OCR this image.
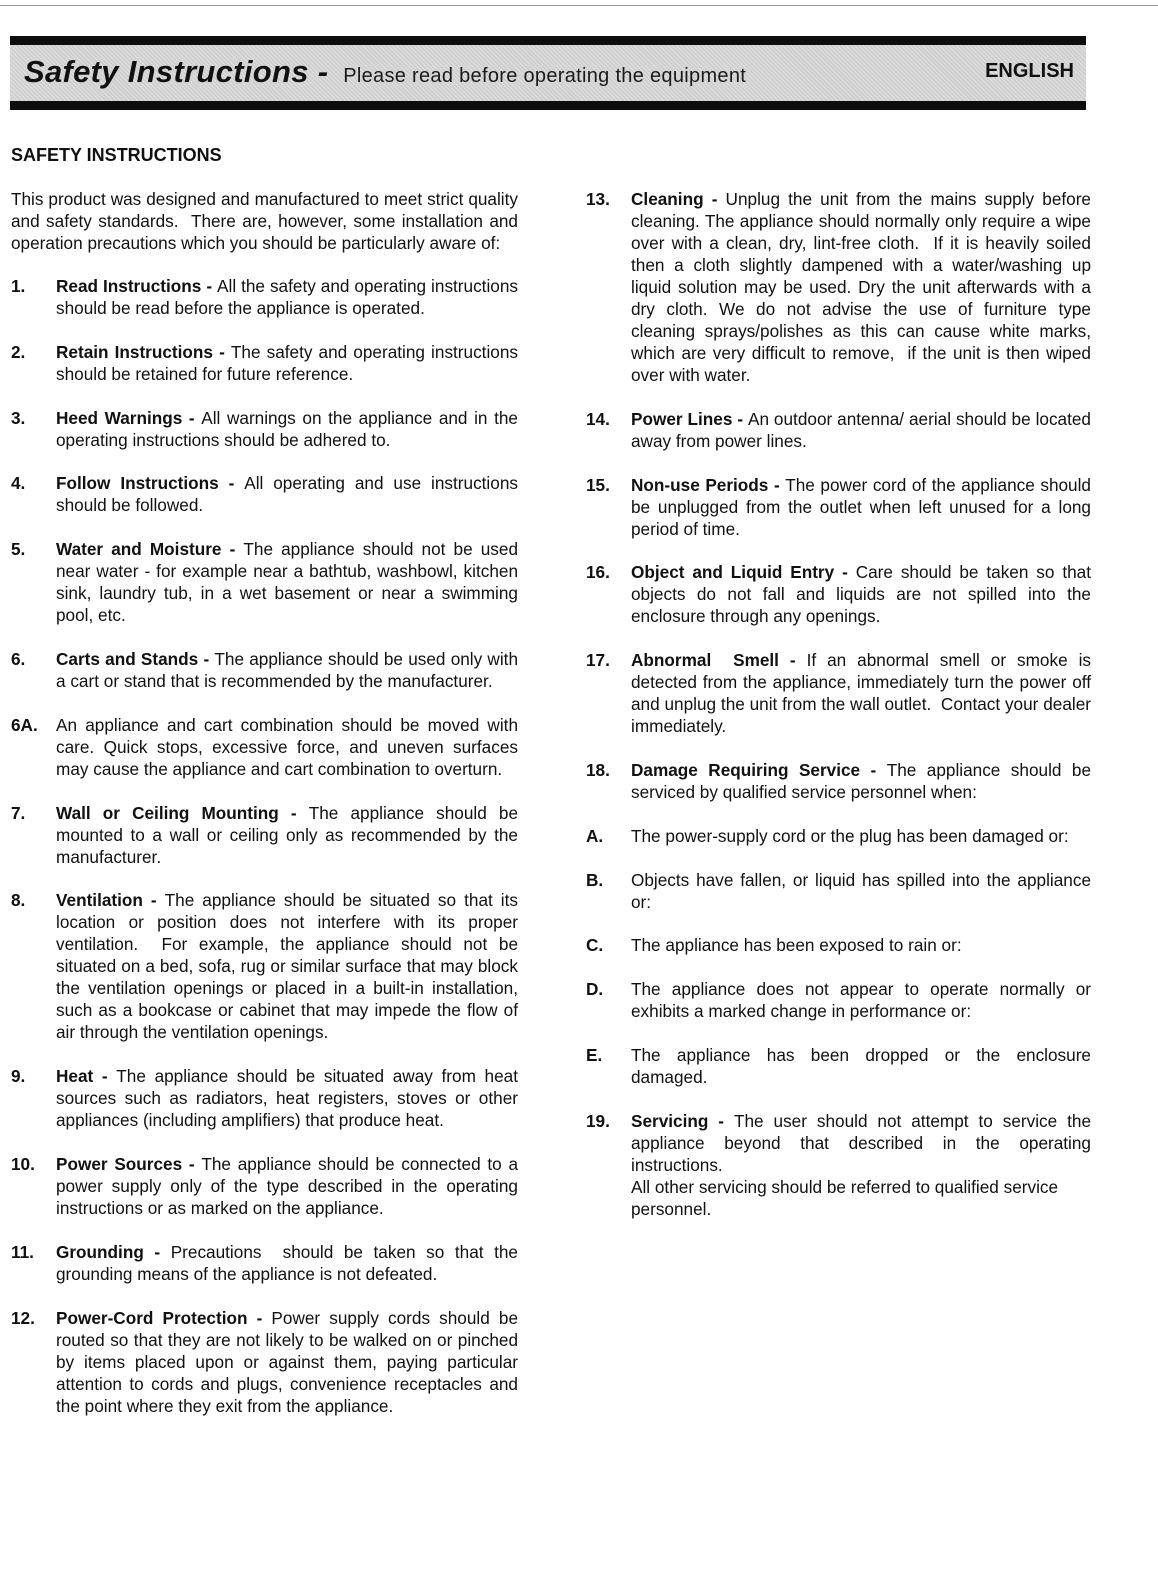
Safety Instructions - Please read before operating the equipment	ENGLISH
SAFETY INSTRUCTIONS

This product was designed and manufactured to meet strict quality and safety standards.  There are, however, some installation and operation precautions which you should be particularly aware of:

1.	Read Instructions - All the safety and operating instructions should be read before the appliance is operated.
2.	Retain Instructions - The safety and operating instructions should be retained for future reference.
3.	Heed Warnings - All warnings on the appliance and in the operating instructions should be adhered to.
4.	Follow Instructions - All operating and use instructions should be followed.
5.	Water and Moisture - The appliance should not be used near water - for example near a bathtub, washbowl, kitchen sink, laundry tub, in a wet basement or near a swimming pool, etc.
6.	Carts and Stands - The appliance should be used only with a cart or stand that is recommended by the manufacturer.
6A.	An appliance and cart combination should be moved with care. Quick stops, excessive force, and uneven surfaces may cause the appliance and cart combination to overturn.
7.	Wall or Ceiling Mounting - The appliance should be mounted to a wall or ceiling only as recommended by the manufacturer.
8.	Ventilation - The appliance should be situated so that its location or position does not interfere with its proper ventilation.  For example, the appliance should not be situated on a bed, sofa, rug or similar surface that may block the ventilation openings or placed in a built-in installation, such as a bookcase or cabinet that may impede the flow of air through the ventilation openings.
9.	Heat - The appliance should be situated away from heat sources such as radiators, heat registers, stoves or other appliances (including amplifiers) that produce heat.
10.	Power Sources - The appliance should be connected to a power supply only of the type described in the operating instructions or as marked on the appliance.
11.	Grounding - Precautions  should be taken so that the grounding means of the appliance is not defeated.
12.	Power-Cord Protection - Power supply cords should be routed so that they are not likely to be walked on or pinched by items placed upon or against them, paying particular attention to cords and plugs, convenience receptacles and the point where they exit from the appliance.
13.	Cleaning - Unplug the unit from the mains supply before cleaning. The appliance should normally only require a wipe over with a clean, dry, lint-free cloth.  If it is heavily soiled then a cloth slightly dampened with a water/washing up liquid solution may be used. Dry the unit afterwards with a dry cloth. We do not advise the use of furniture type cleaning sprays/polishes as this can cause white marks, which are very difficult to remove,  if the unit is then wiped over with water.
14.	Power Lines - An outdoor antenna/ aerial should be located away from power lines.
15.	Non-use Periods - The power cord of the appliance should be unplugged from the outlet when left unused for a long period of time.
16.	Object and Liquid Entry - Care should be taken so that objects do not fall and liquids are not spilled into the enclosure through any openings.
17.	Abnormal  Smell - If an abnormal smell or smoke is detected from the appliance, immediately turn the power off and unplug the unit from the wall outlet.  Contact your dealer immediately.
18.	Damage Requiring Service - The appliance should be serviced by qualified service personnel when:
A.	The power-supply cord or the plug has been damaged or:
B.	Objects have fallen, or liquid has spilled into the appliance or:
C.	The appliance has been exposed to rain or:
D.	The appliance does not appear to operate normally or exhibits a marked change in performance or:
E.	The appliance has been dropped or the enclosure damaged.
19.	Servicing - The user should not attempt to service the appliance beyond that described in the operating instructions.
All other servicing should be referred to qualified service personnel.
